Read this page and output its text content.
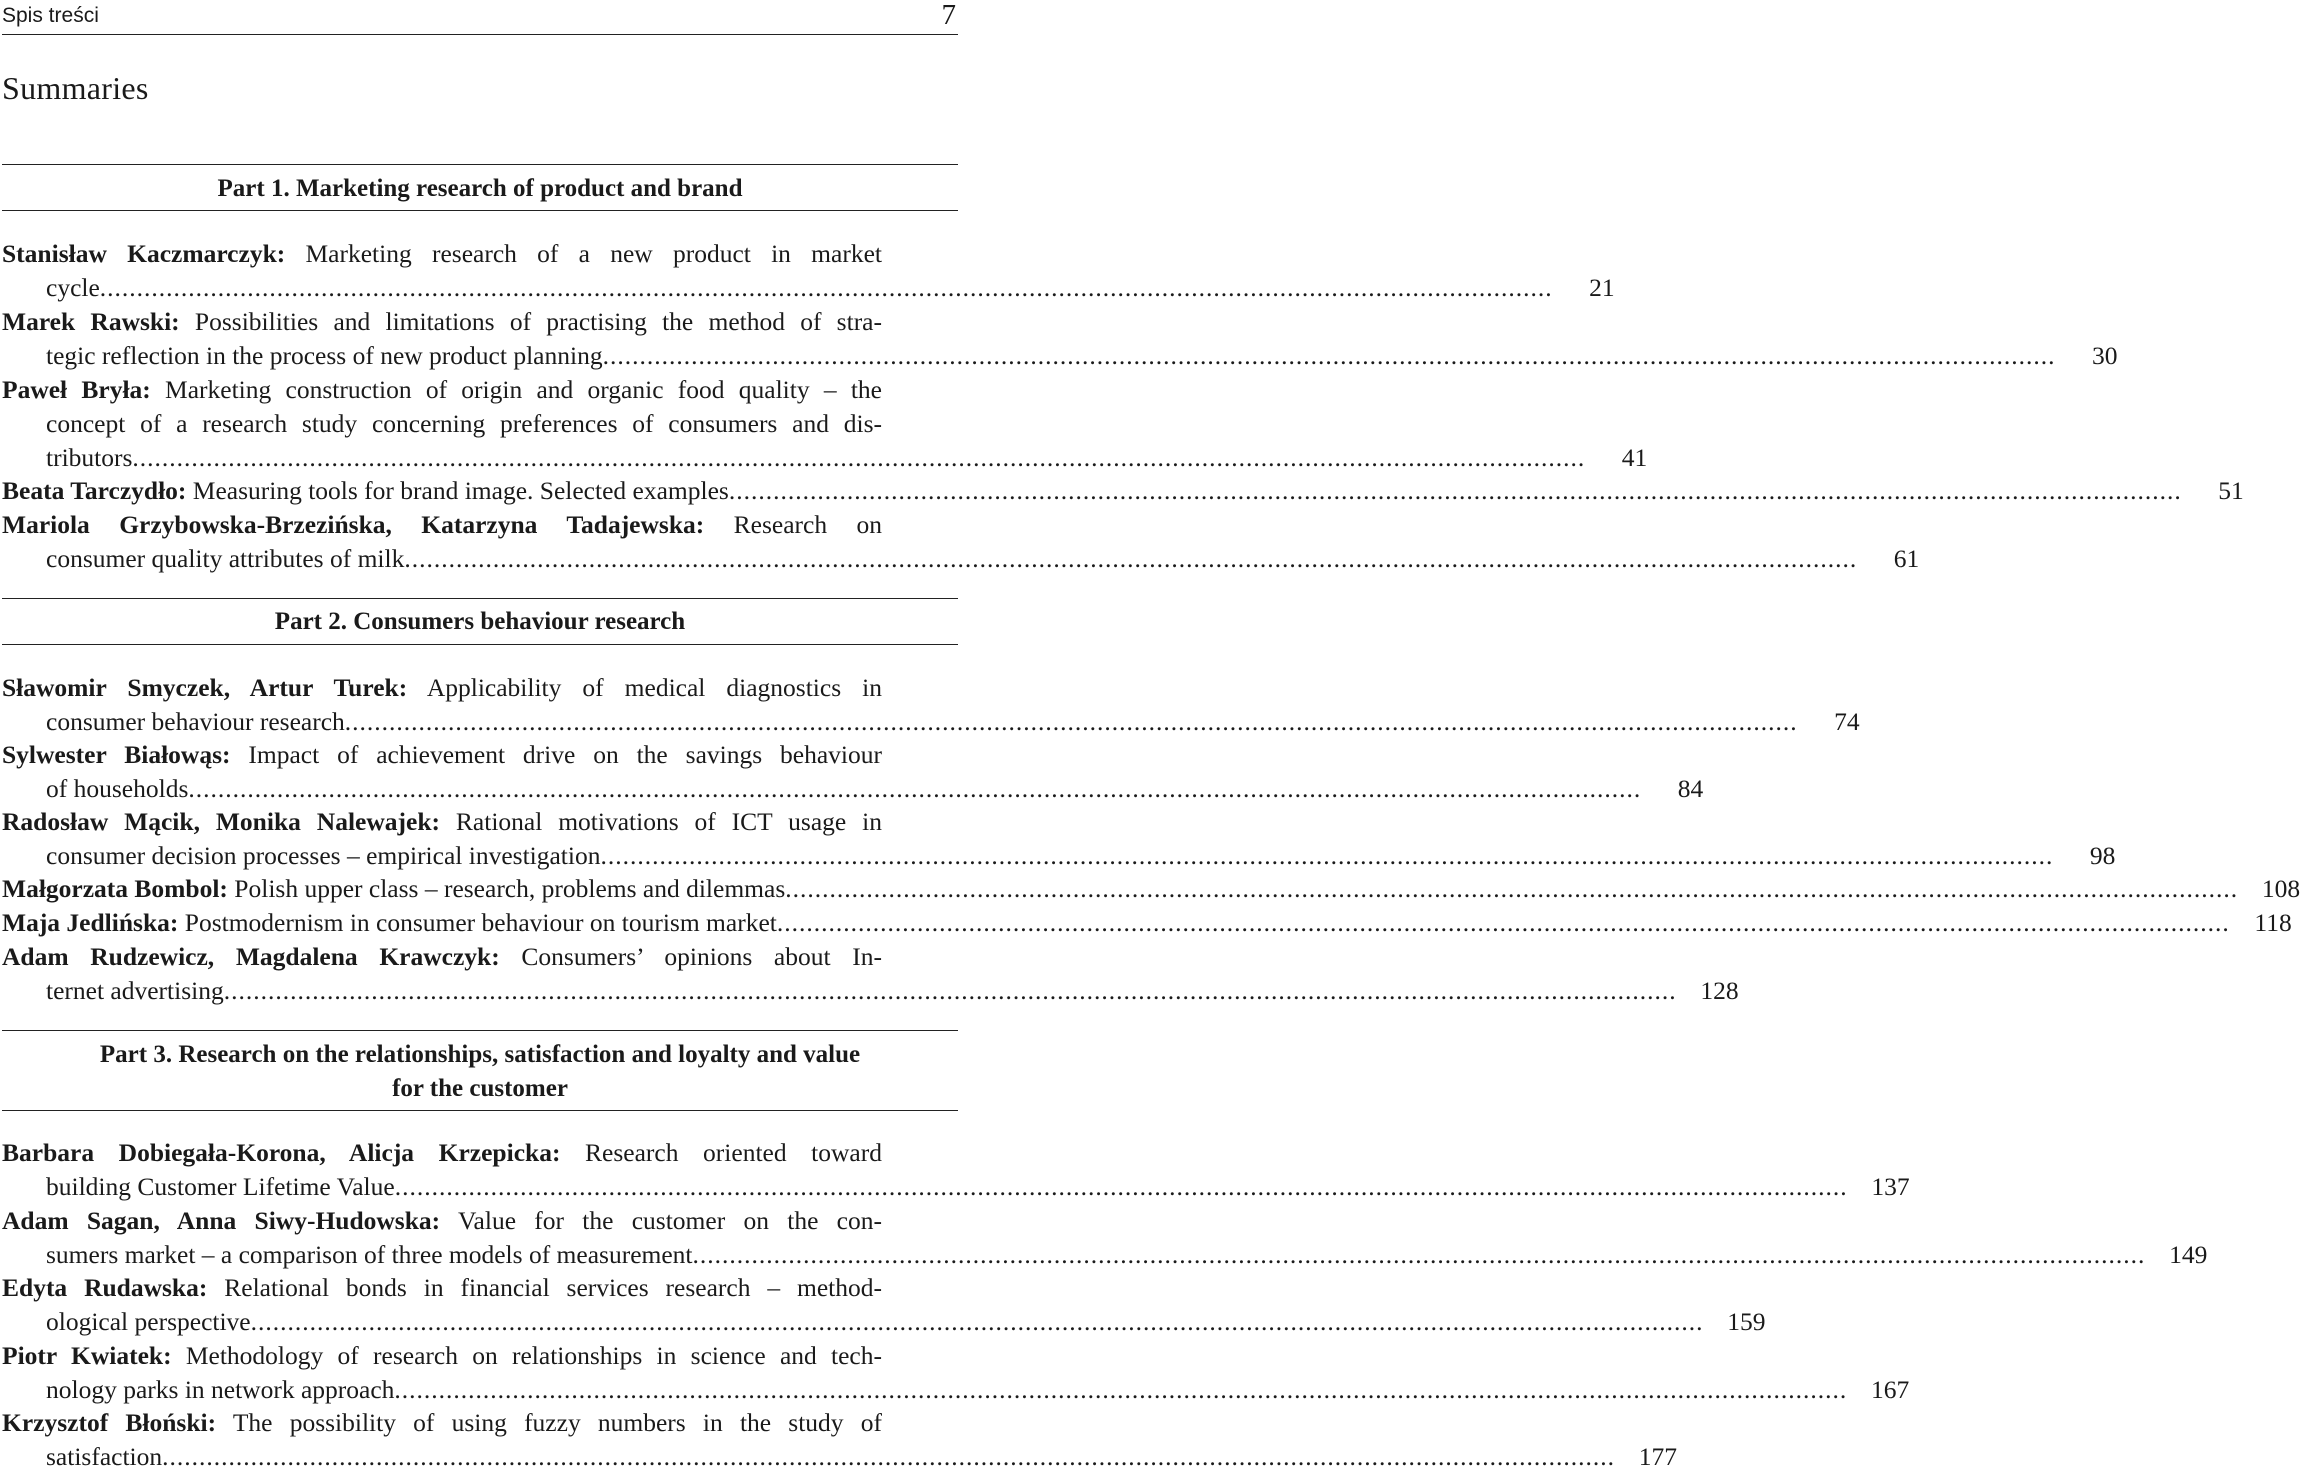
Spis treści	7
Summaries
Part 1. Marketing research of product and brand
Stanisław Kaczmarczyk: Marketing research of a new product in market
cycle .....	21
Marek Rawski: Possibilities and limitations of practising the method of stra-
tegic reflection in the process of new product planning .....	30
Paweł Bryła: Marketing construction of origin and organic food quality – the
concept of a research study concerning preferences of consumers and dis-
tributors .....	41
Beata Tarczydło: Measuring tools for brand image. Selected examples .....	51
Mariola Grzybowska-Brzezińska, Katarzyna Tadajewska: Research on
consumer quality attributes of milk .....	61
Part 2. Consumers behaviour research
Sławomir Smyczek, Artur Turek: Applicability of medical diagnostics in
consumer behaviour research .....	74
Sylwester Białowąs: Impact of achievement drive on the savings behaviour
of households .....	84
Radosław Mącik, Monika Nalewajek: Rational motivations of ICT usage in
consumer decision processes – empirical investigation .....	98
Małgorzata Bombol: Polish upper class – research, problems and dilemmas .....	108
Maja Jedlińska: Postmodernism in consumer behaviour on tourism market .....	118
Adam Rudzewicz, Magdalena Krawczyk: Consumers’ opinions about In-
ternet advertising .....	128
Part 3. Research on the relationships, satisfaction and loyalty and value
for the customer
Barbara Dobiegała-Korona, Alicja Krzepicka: Research oriented toward
building Customer Lifetime Value .....	137
Adam Sagan, Anna Siwy-Hudowska: Value for the customer on the con-
sumers market – a comparison of three models of measurement .....	149
Edyta Rudawska: Relational bonds in financial services research – method-
ological perspective .....	159
Piotr Kwiatek: Methodology of research on relationships in science and tech-
nology parks in network approach .....	167
Krzysztof Błoński: The possibility of using fuzzy numbers in the study of
satisfaction .....	177
